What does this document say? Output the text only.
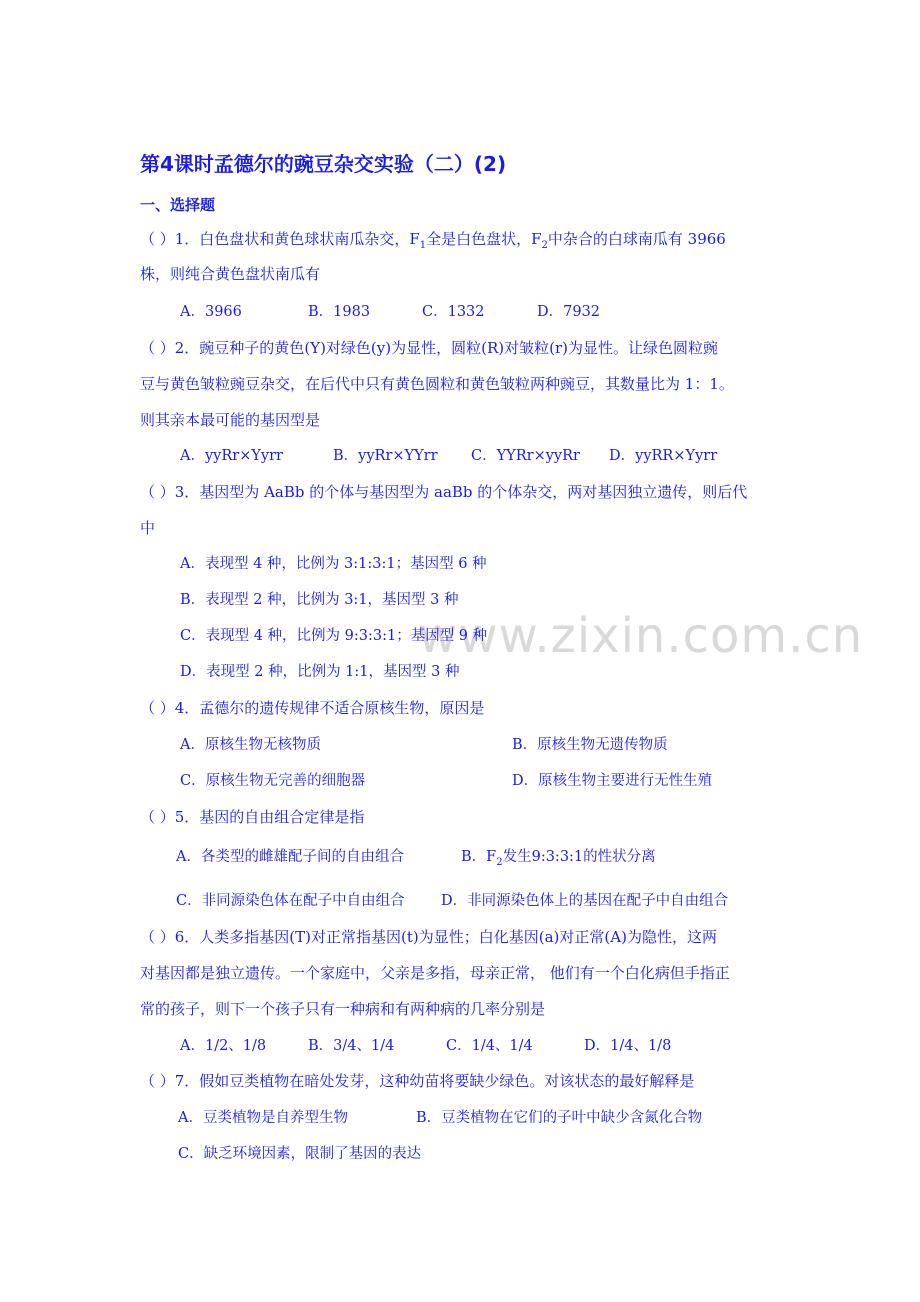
www.zixin.com.cn
第4课时孟德尔的豌豆杂交实验（二）(2)
一、选择题
（ ）1．白色盘状和黄色球状南瓜杂交，$F_1$全是白色盘状，$F_2$中杂合的白球南瓜有 3966
株，则纯合黄色盘状南瓜有
A．3966	B．1983	C．1332	D．7932
（ ）2．豌豆种子的黄色(Y)对绿色(y)为显性，圆粒(R)对皱粒(r)为显性。让绿色圆粒豌
豆与黄色皱粒豌豆杂交，在后代中只有黄色圆粒和黄色皱粒两种豌豆，其数量比为 1：1。
则其亲本最可能的基因型是
A．yyRr×Yyrr	B．yyRr×YYrr C．YYRr×yyRr D．yyRR×Yyrr
（ ）3．基因型为 AaBb 的个体与基因型为 aaBb 的个体杂交，两对基因独立遗传，则后代
中
A．表现型 4 种，比例为 3:1:3:1；基因型 6 种
B．表现型 2 种，比例为 3:1，基因型 3 种
C．表现型 4 种，比例为 9:3:3:1；基因型 9 种
D．表现型 2 种，比例为 1:1，基因型 3 种
（ ）4．孟德尔的遗传规律不适合原核生物，原因是
A．原核生物无核物质	B．原核生物无遗传物质
C．原核生物无完善的细胞器	D．原核生物主要进行无性生殖
（ ）5．基因的自由组合定律是指
A．各类型的雌雄配子间的自由组合	B．$F_2$发生9:3:3:1的性状分离
C．非同源染色体在配子中自由组合	D．非同源染色体上的基因在配子中自由组合
（ ）6．人类多指基因(T)对正常指基因(t)为显性；白化基因(a)对正常(A)为隐性，这两
对基因都是独立遗传。一个家庭中，父亲是多指，母亲正常， 他们有一个白化病但手指正
常的孩子，则下一个孩子只有一种病和有两种病的几率分别是
A．1/2、1/8	B．3/4、1/4	C．1/4、1/4	D．1/4、1/8
（ ）7．假如豆类植物在暗处发芽，这种幼苗将要缺少绿色。对该状态的最好解释是
A．豆类植物是自养型生物	B．豆类植物在它们的子叶中缺少含氮化合物
C．缺乏环境因素，限制了基因的表达
